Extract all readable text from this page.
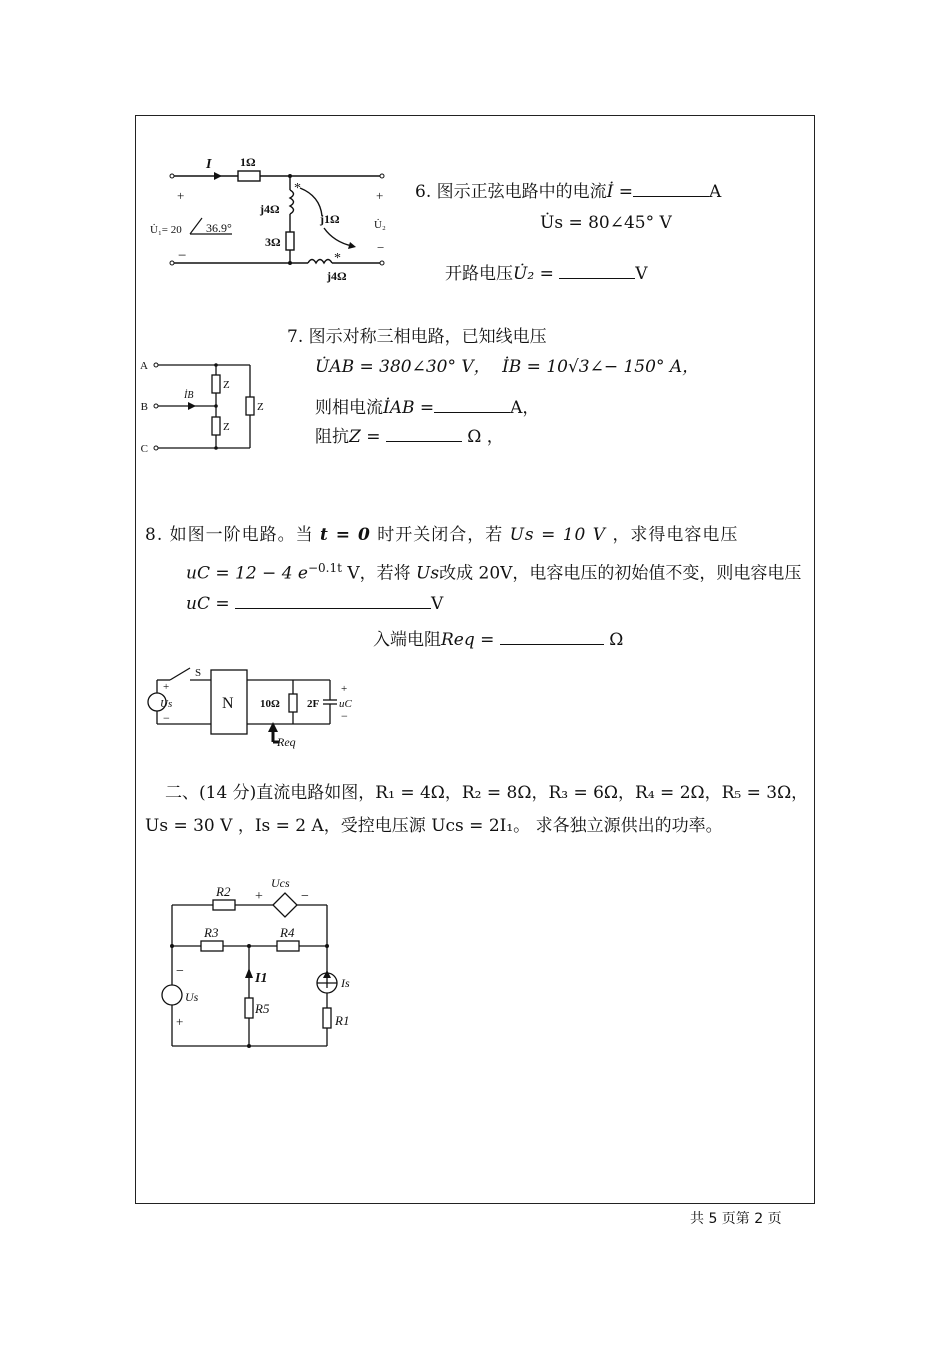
I 1Ω
+
U̇₁= 20 36.9°
−
j4Ω
3Ω
*
j1Ω
*
j4Ω
+
U̇₂
−
6. 图示正弦电路中的电流İ =	A
U̇s = 80∠45° V
开路电压U̇₂ =	V
A
B
C
İB
Z
Z
Z
7. 图示对称三相电路，已知线电压
U̇AB = 380∠30° V， İB = 10√3∠− 150° A，
则相电流İAB =	A，
阻抗Z =	Ω ，
8. 如图一阶电路。当 t = 0 时开关闭合，若 Us = 10 V ，求得电容电压
uC = 12 − 4 $e^{-0.1t}$ V，若将 Us改成 20V，电容电压的初始值不变，则电容电压
uC =	V
入端电阻Req =	Ω
S
+
Us
−
N 10Ω 2F
+
uC
−
Req
二、(14 分)直流电路如图，R₁ = 4Ω，R₂ = 8Ω，R₃ = 6Ω，R₄ = 2Ω，R₅ = 3Ω，
Us = 30 V ，Is = 2 A，受控电压源 Ucs = 2I₁。 求各独立源供出的功率。
R2 +
Ucs
−
R3	R4
−
Us
+
I1
R5
Is
R1
共 5 页第 2 页
